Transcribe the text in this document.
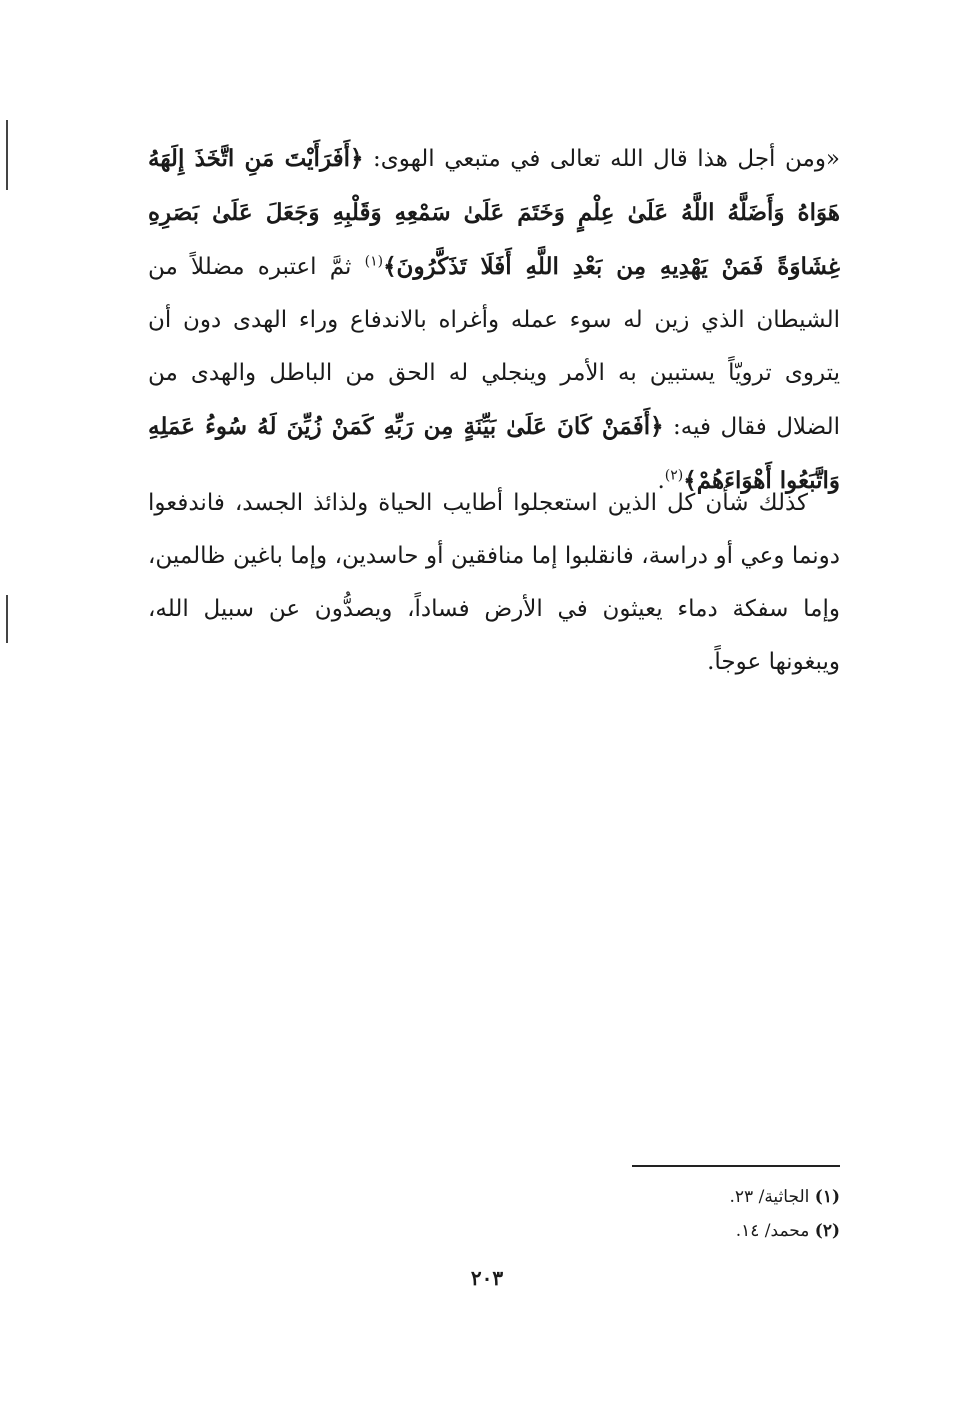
«ومن أجل هذا قال الله تعالى في متبعي الهوى: ﴿أَفَرَأَيْتَ مَنِ اتَّخَذَ إِلَهَهُ هَوَاهُ وَأَضَلَّهُ اللَّهُ عَلَىٰ عِلْمٍ وَخَتَمَ عَلَىٰ سَمْعِهِ وَقَلْبِهِ وَجَعَلَ عَلَىٰ بَصَرِهِ غِشَاوَةً فَمَنْ يَهْدِيهِ مِن بَعْدِ اللَّهِ أَفَلَا تَذَكَّرُونَ﴾$^{(١)}$ ثمَّ اعتبره مضللاً من الشيطان الذي زين له سوء عمله وأغراه بالاندفاع وراء الهدى دون أن يتروى ترويّاً يستبين به الأمر وينجلي له الحق من الباطل والهدى من الضلال فقال فيه: ﴿أَفَمَنْ كَانَ عَلَىٰ بَيِّنَةٍ مِن رَبِّهِ كَمَنْ زُيِّنَ لَهُ سُوءُ عَمَلِهِ وَاتَّبَعُوا أَهْوَاءَهُمْ﴾$^{(٢)}$.

كذلك شأن كل الذين استعجلوا أطايب الحياة ولذائذ الجسد، فاندفعوا دونما وعي أو دراسة، فانقلبوا إما منافقين أو حاسدين، وإما باغين ظالمين، وإما سفكة دماء يعيثون في الأرض فساداً، ويصدُّون عن سبيل الله، ويبغونها عوجاً.

(١) الجاثية/ ٢٣.
(٢) محمد/ ١٤.
٢٠٣
